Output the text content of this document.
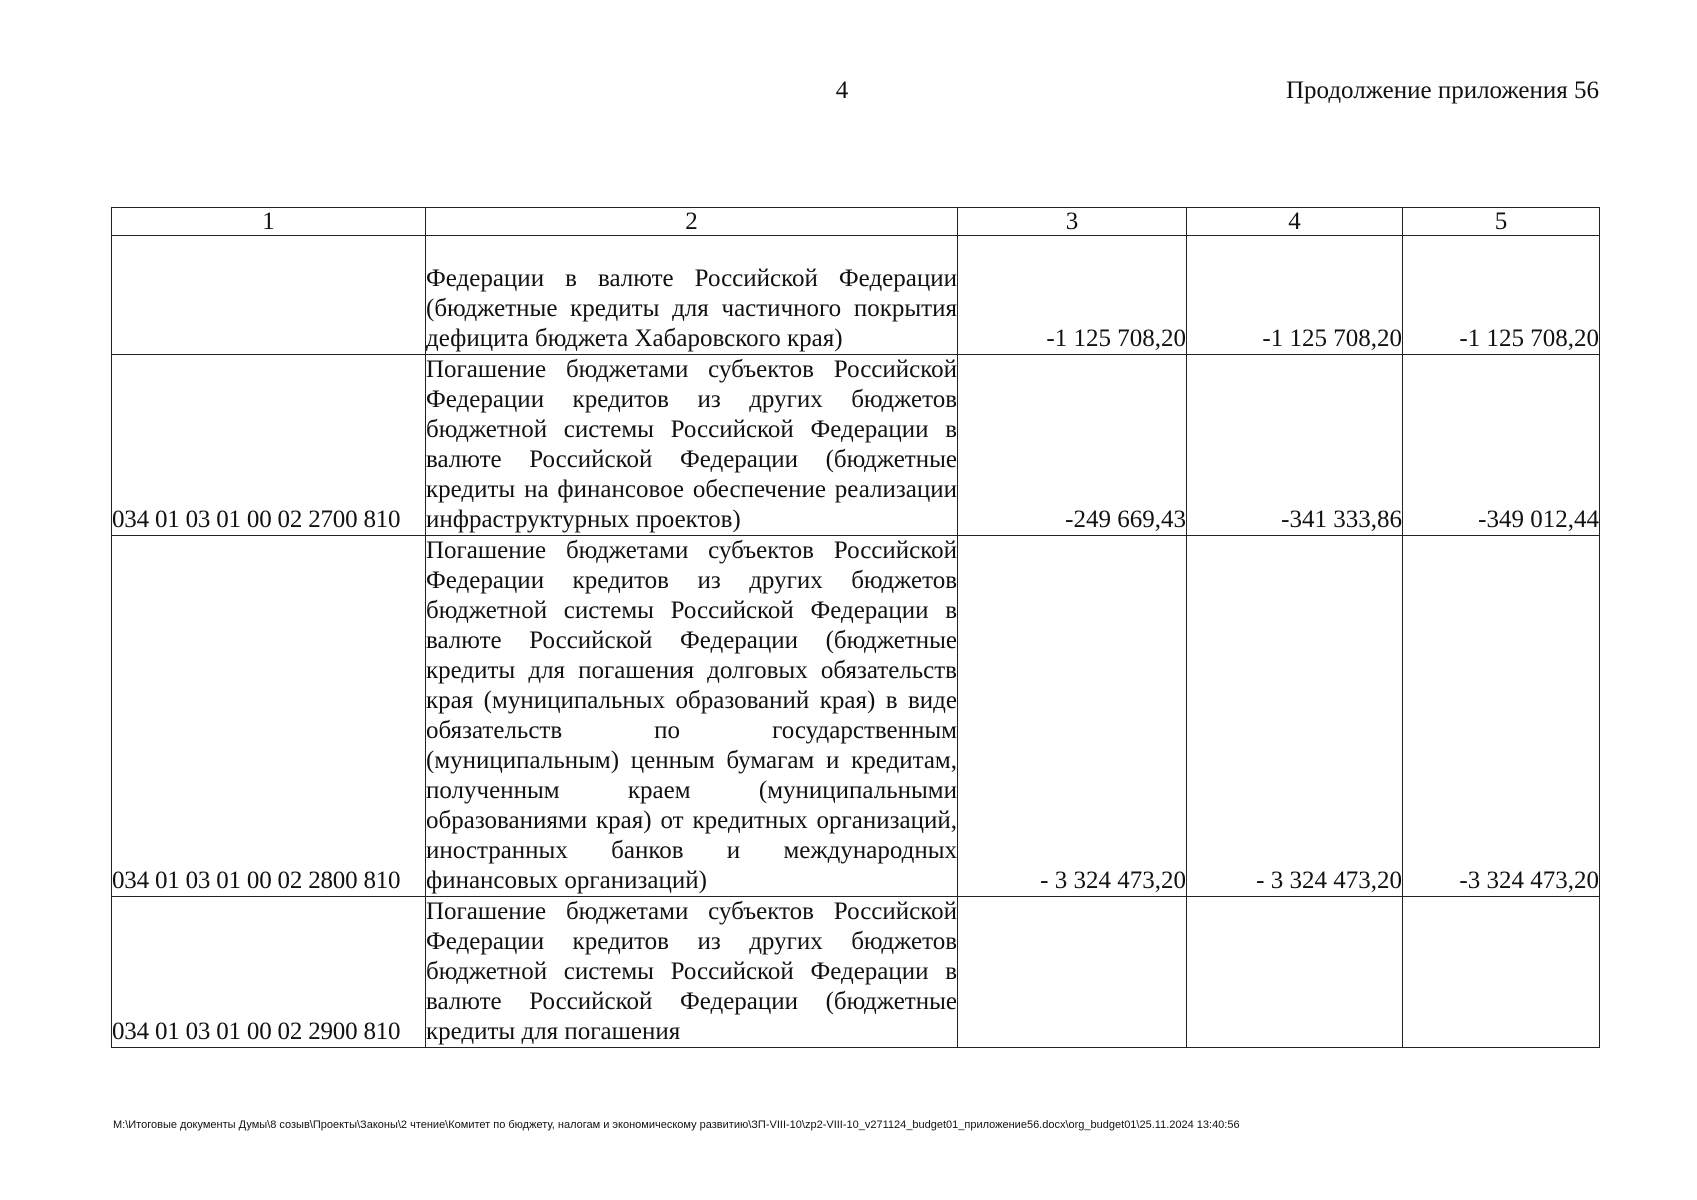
4	Продолжение приложения 56
1	2	3	4	5
	Федерации в валюте Российской Федерации (бюджетные кредиты для частичного покрытия дефицита бюджета Хабаровского края)	-1 125 708,20	-1 125 708,20	-1 125 708,20
034 01 03 01 00 02 2700 810	Погашение бюджетами субъектов Российской Федерации кредитов из других бюджетов бюджетной системы Российской Федерации в валюте Российской Федерации (бюджетные кредиты на финансовое обеспечение реализации инфраструктурных проектов)	-249 669,43	-341 333,86	-349 012,44
034 01 03 01 00 02 2800 810	Погашение бюджетами субъектов Российской Федерации кредитов из других бюджетов бюджетной системы Российской Федерации в валюте Российской Федерации (бюджетные кредиты для погашения долговых обязательств края (муниципальных образований края) в виде обязательств по государственным (муниципальным) ценным бумагам и кредитам, полученным краем (муниципальными образованиями края) от кредитных организаций, иностранных банков и международных финансовых организаций)	- 3 324 473,20	- 3 324 473,20	-3 324 473,20
034 01 03 01 00 02 2900 810	Погашение бюджетами субъектов Российской Федерации кредитов из других бюджетов бюджетной системы Российской Федерации в валюте Российской Федерации (бюджетные кредиты для погашения			
M:\Итоговые документы Думы\8 созыв\Проекты\Законы\2 чтение\Комитет по бюджету, налогам и экономическому развитию\ЗП-VIII-10\zp2-VIII-10_v271124_budget01_приложение56.docx\org_budget01\25.11.2024 13:40:56
